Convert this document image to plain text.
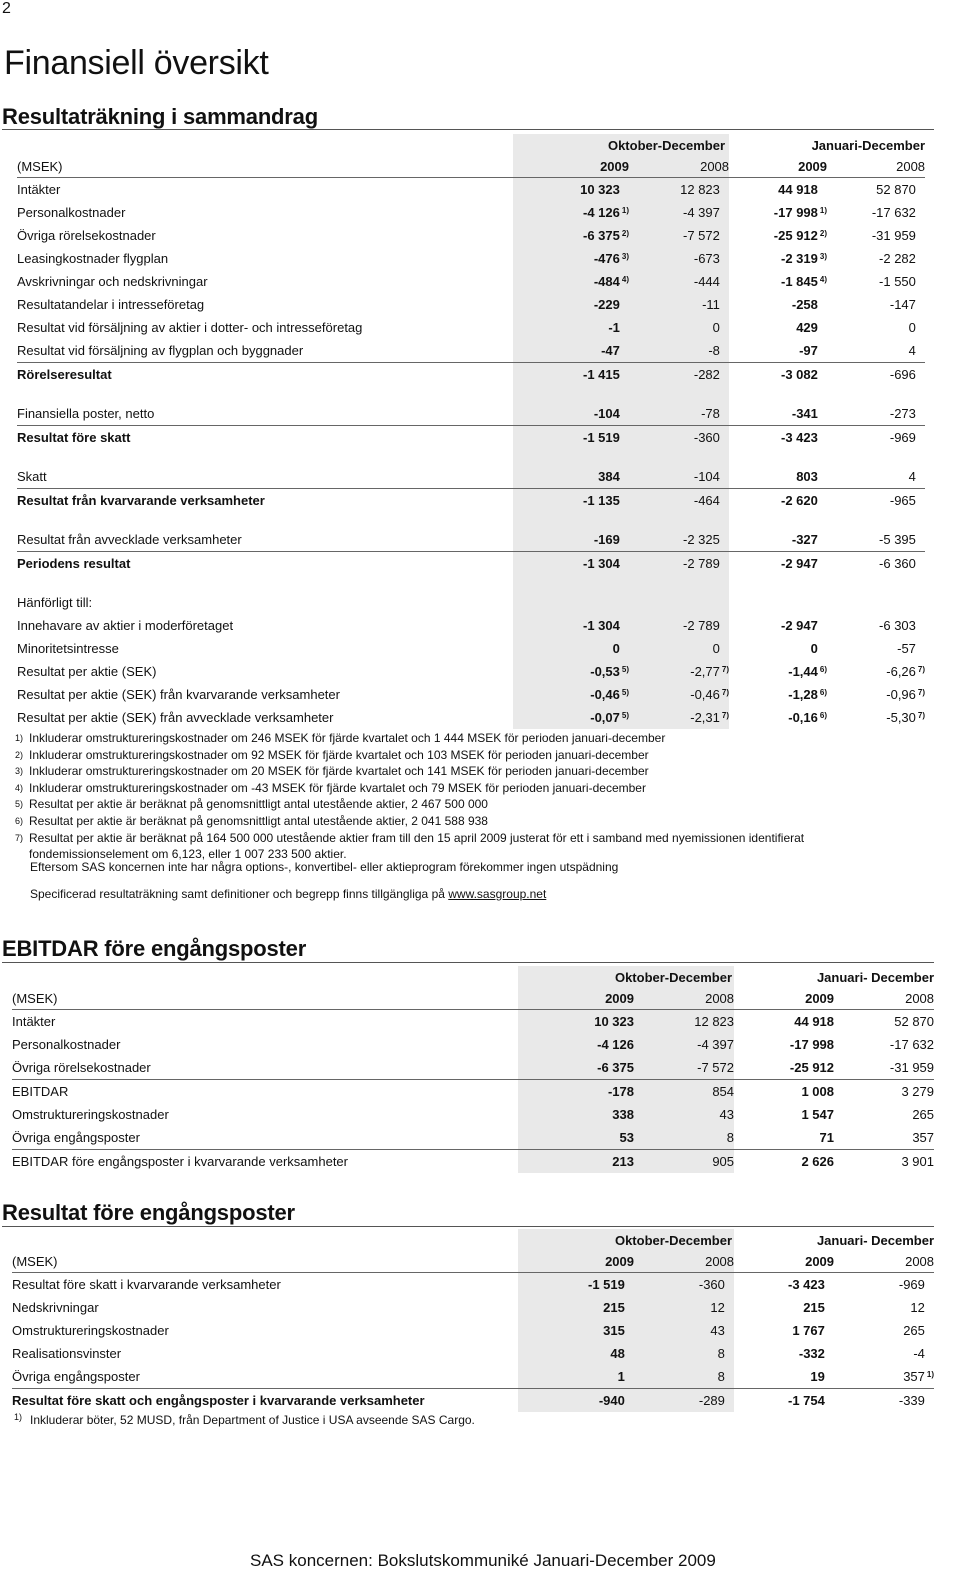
2
Finansiell översikt
Resultaträkning i sammandrag
	Oktober-December		Januari-December	
(MSEK)	2009	2008	2009	2008
Intäkter	10 323	12 823	44 918	52 870
Personalkostnader	-4 126 $^{1)}$	-4 397	-17 998 $^{1)}$	-17 632
Övriga rörelsekostnader	-6 375 $^{2)}$	-7 572	-25 912 $^{2)}$	-31 959
Leasingkostnader flygplan	-476 $^{3)}$	-673	-2 319 $^{3)}$	-2 282
Avskrivningar och nedskrivningar	-484 $^{4)}$	-444	-1 845 $^{4)}$	-1 550
Resultatandelar i intresseföretag	-229	-11	-258	-147
Resultat vid försäljning av aktier i dotter- och intresseföretag	-1	0	429	0
Resultat vid försäljning av flygplan och byggnader	-47	-8	-97	4
Rörelseresultat	-1 415	-282	-3 082	-696

Finansiella poster, netto	-104	-78	-341	-273
Resultat före skatt	-1 519	-360	-3 423	-969

Skatt	384	-104	803	4
Resultat från kvarvarande verksamheter	-1 135	-464	-2 620	-965

Resultat från avvecklade verksamheter	-169	-2 325	-327	-5 395
Periodens resultat	-1 304	-2 789	-2 947	-6 360

Hänförligt till:				
Innehavare av aktier i moderföretaget	-1 304	-2 789	-2 947	-6 303
Minoritetsintresse	0	0	0	-57
Resultat per aktie (SEK)	-0,53 $^{5)}$	-2,77 $^{7)}$	-1,44 $^{6)}$	-6,26 $^{7)}$
Resultat per aktie (SEK) från kvarvarande verksamheter	-0,46 $^{5)}$	-0,46 $^{7)}$	-1,28 $^{6)}$	-0,96 $^{7)}$
Resultat per aktie (SEK) från avvecklade verksamheter	-0,07 $^{5)}$	-2,31 $^{7)}$	-0,16 $^{6)}$	-5,30 $^{7)}$
1) Inkluderar omstruktureringskostnader om 246 MSEK för fjärde kvartalet och 1 444 MSEK för perioden januari-december
2) Inkluderar omstruktureringskostnader om 92 MSEK för fjärde kvartalet och 103 MSEK för perioden januari-december
3) Inkluderar omstruktureringskostnader om 20 MSEK för fjärde kvartalet och 141 MSEK för perioden januari-december
4) Inkluderar omstruktureringskostnader om -43 MSEK för fjärde kvartalet och 79 MSEK för perioden januari-december
5) Resultat per aktie är beräknat på genomsnittligt antal utestående aktier, 2 467 500 000
6) Resultat per aktie är beräknat på genomsnittligt antal utestående aktier, 2 041 588 938
7) Resultat per aktie är beräknat på 164 500 000 utestående aktier fram till den 15 april 2009 justerat för ett i samband med nyemissionen identifierat fondemissionselement om 6,123, eller 1 007 233 500 aktier.
Eftersom SAS koncernen inte har några options-, konvertibel- eller aktieprogram förekommer ingen utspädning
Specificerad resultaträkning samt definitioner och begrepp finns tillgängliga på www.sasgroup.net
EBITDAR före engångsposter
	Oktober-December		Januari- December	
(MSEK)	2009	2008	2009	2008
Intäkter	10 323	12 823	44 918	52 870
Personalkostnader	-4 126	-4 397	-17 998	-17 632
Övriga rörelsekostnader	-6 375	-7 572	-25 912	-31 959
EBITDAR	-178	854	1 008	3 279
Omstruktureringskostnader	338	43	1 547	265
Övriga engångsposter	53	8	71	357
EBITDAR före engångsposter i kvarvarande verksamheter	213	905	2 626	3 901
Resultat före engångsposter
	Oktober-December		Januari- December	
(MSEK)	2009	2008	2009	2008
Resultat före skatt i kvarvarande verksamheter	-1 519	-360	-3 423	-969
Nedskrivningar	215	12	215	12
Omstruktureringskostnader	315	43	1 767	265
Realisationsvinster	48	8	-332	-4
Övriga engångsposter	1	8	19	357 $^{1)}$
Resultat före skatt och engångsposter i kvarvarande verksamheter	-940	-289	-1 754	-339
1) Inkluderar böter, 52 MUSD, från Department of Justice i USA avseende SAS Cargo.
SAS koncernen: Bokslutskommuniké Januari-December 2009
